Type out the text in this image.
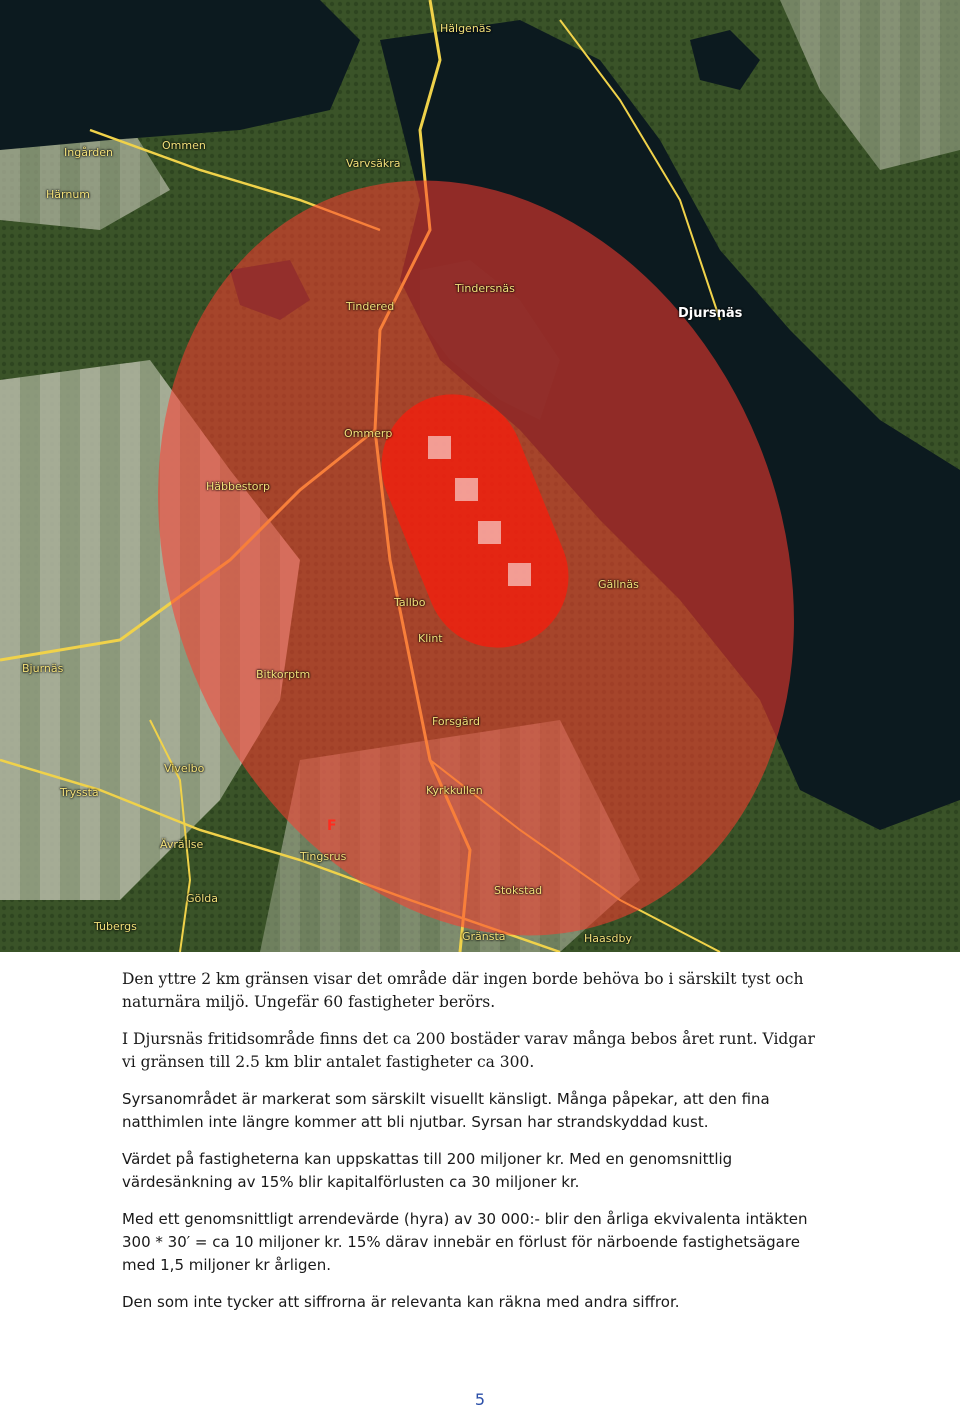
Hälgenäs
Ommen
Ingården
Härnum
Varvsäkra
Tindered
Tindersnäs
Djursnäs
Ommerp
Häbbestorp
Tallbo
Klint
Gällnäs
Bjurnäs	Bitkorptm
Forsgärd
Vivelbo
Tryssta	Kyrkkullen
F
Tingsrus
Ävrällse
Gölda
Tubergs
Stokstad
Gränsta	Haasdby

Den yttre 2 km gränsen visar det område där ingen borde behöva bo i särskilt tyst och naturnära miljö. Ungefär 60 fastigheter berörs.

I Djursnäs fritidsområde finns det ca 200 bostäder varav många bebos året runt. Vidgar vi gränsen till 2.5 km blir antalet fastigheter ca 300.

Syrsanområdet är markerat som särskilt visuellt känsligt. Många påpekar, att den fina natthimlen inte längre kommer att bli njutbar. Syrsan har strandskyddad kust.

Värdet på fastigheterna kan uppskattas till 200 miljoner kr. Med en genomsnittlig värdesänkning av 15% blir kapitalförlusten ca 30 miljoner kr.

Med ett genomsnittligt arrendevärde (hyra) av 30 000:- blir den årliga ekvivalenta intäkten 300 * 30′ = ca 10 miljoner kr. 15% därav innebär en förlust för närboende fastighetsägare med 1,5 miljoner kr årligen.

Den som inte tycker att siffrorna är relevanta kan räkna med andra siffror.

5
